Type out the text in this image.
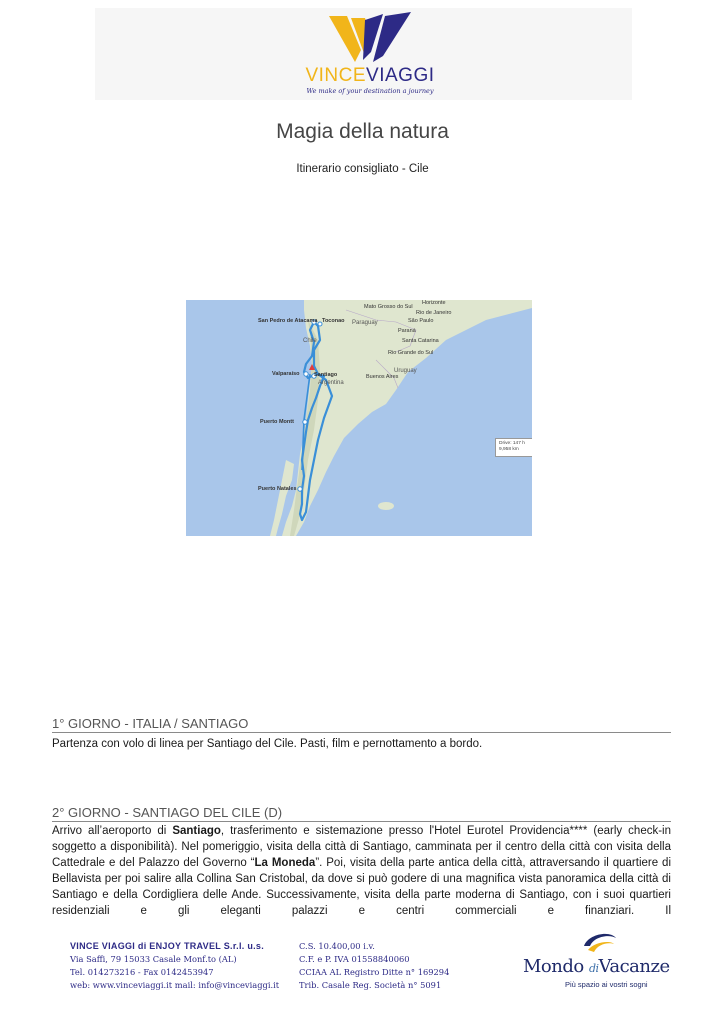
VINCEVIAGGI
We make of your destination a journey
Magia della natura
Itinerario consigliato - Cile
San Pedro de Atacama Toconao Paraguay
Chile
Valparaíso	Santiago
Argentina
Puerto Montt
Puerto Natales
Uruguay
Mato Grosso do Sul
Paraná
São Paulo
Rio de Janeiro
Santa Catarina
Rio Grande do Sul
Buenos Aires
Horizonte
Drive: 147 h
9,958 km
1° GIORNO - ITALIA / SANTIAGO
Partenza con volo di linea per Santiago del Cile. Pasti, film e pernottamento a bordo.
2° GIORNO - SANTIAGO DEL CILE (D)
Arrivo all’aeroporto di Santiago, trasferimento e sistemazione presso l'Hotel Eurotel Providencia**** (early check-in soggetto a disponibilità). Nel pomeriggio, visita della città di Santiago, camminata per il centro della città con visita della Cattedrale e del Palazzo del Governo “La Moneda”. Poi, visita della parte antica della città, attraversando il quartiere di Bellavista per poi salire alla Collina San Cristobal, da dove si può godere di una magnifica vista panoramica della città di Santiago e della Cordigliera delle Ande. Successivamente, visita della parte moderna di Santiago, con i suoi quartieri residenziali e gli eleganti palazzi e centri commerciali e finanziari. Il
VINCE VIAGGI di ENJOY TRAVEL S.r.l. u.s.
Via Saffi, 79 15033 Casale Monf.to (AL)
Tel. 014273216 - Fax 0142453947
web: www.vinceviaggi.it mail: info@vinceviaggi.it
C.S. 10.400,00 i.v.
C.F. e P. IVA 01558840060
CCIAA AL Registro Ditte n° 169294
Trib. Casale Reg. Società n° 5091
Mondo diVacanze
Più spazio ai vostri sogni
